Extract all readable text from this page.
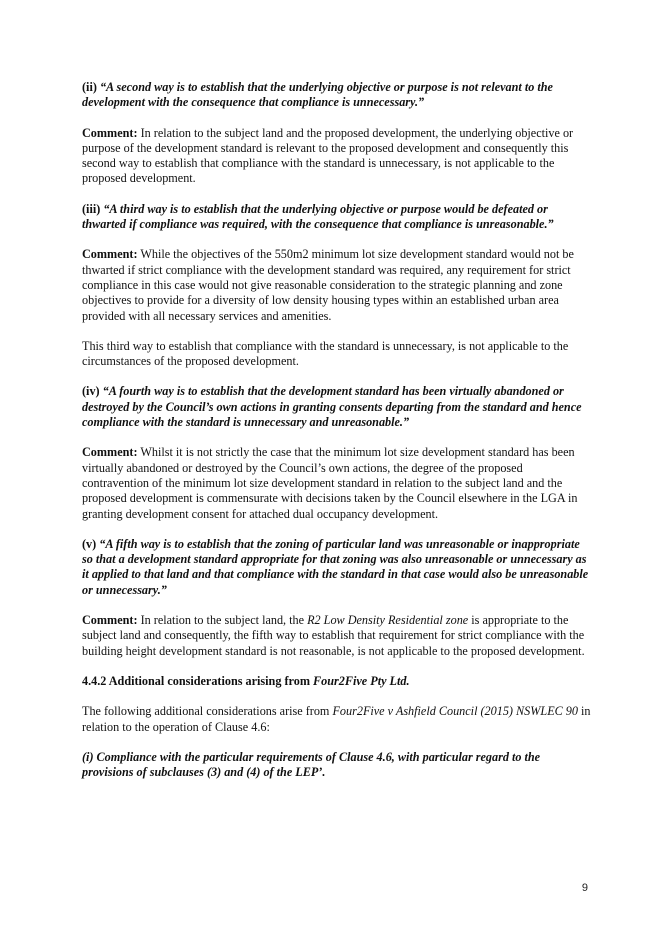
(ii) “A second way is to establish that the underlying objective or purpose is not relevant to the development with the consequence that compliance is unnecessary.”

Comment: In relation to the subject land and the proposed development, the underlying objective or purpose of the development standard is relevant to the proposed development and consequently this second way to establish that compliance with the standard is unnecessary, is not applicable to the proposed development.

(iii) “A third way is to establish that the underlying objective or purpose would be defeated or thwarted if compliance was required, with the consequence that compliance is unreasonable.”

Comment: While the objectives of the 550m2 minimum lot size development standard would not be thwarted if strict compliance with the development standard was required, any requirement for strict compliance in this case would not give reasonable consideration to the strategic planning and zone objectives to provide for a diversity of low density housing types within an established urban area provided with all necessary services and amenities.

This third way to establish that compliance with the standard is unnecessary, is not applicable to the circumstances of the proposed development.

(iv) “A fourth way is to establish that the development standard has been virtually abandoned or destroyed by the Council’s own actions in granting consents departing from the standard and hence compliance with the standard is unnecessary and unreasonable.”

Comment: Whilst it is not strictly the case that the minimum lot size development standard has been virtually abandoned or destroyed by the Council’s own actions, the degree of the proposed contravention of the minimum lot size development standard in relation to the subject land and the proposed development is commensurate with decisions taken by the Council elsewhere in the LGA in granting development consent for attached dual occupancy development.

(v) “A fifth way is to establish that the zoning of particular land was unreasonable or inappropriate so that a development standard appropriate for that zoning was also unreasonable or unnecessary as it applied to that land and that compliance with the standard in that case would also be unreasonable or unnecessary.”

Comment: In relation to the subject land, the R2 Low Density Residential zone is appropriate to the subject land and consequently, the fifth way to establish that requirement for strict compliance with the building height development standard is not reasonable, is not applicable to the proposed development.

4.4.2 Additional considerations arising from Four2Five Pty Ltd.

The following additional considerations arise from Four2Five v Ashfield Council (2015) NSWLEC 90 in relation to the operation of Clause 4.6:

(i) Compliance with the particular requirements of Clause 4.6, with particular regard to the provisions of subclauses (3) and (4) of the LEP’.

9
